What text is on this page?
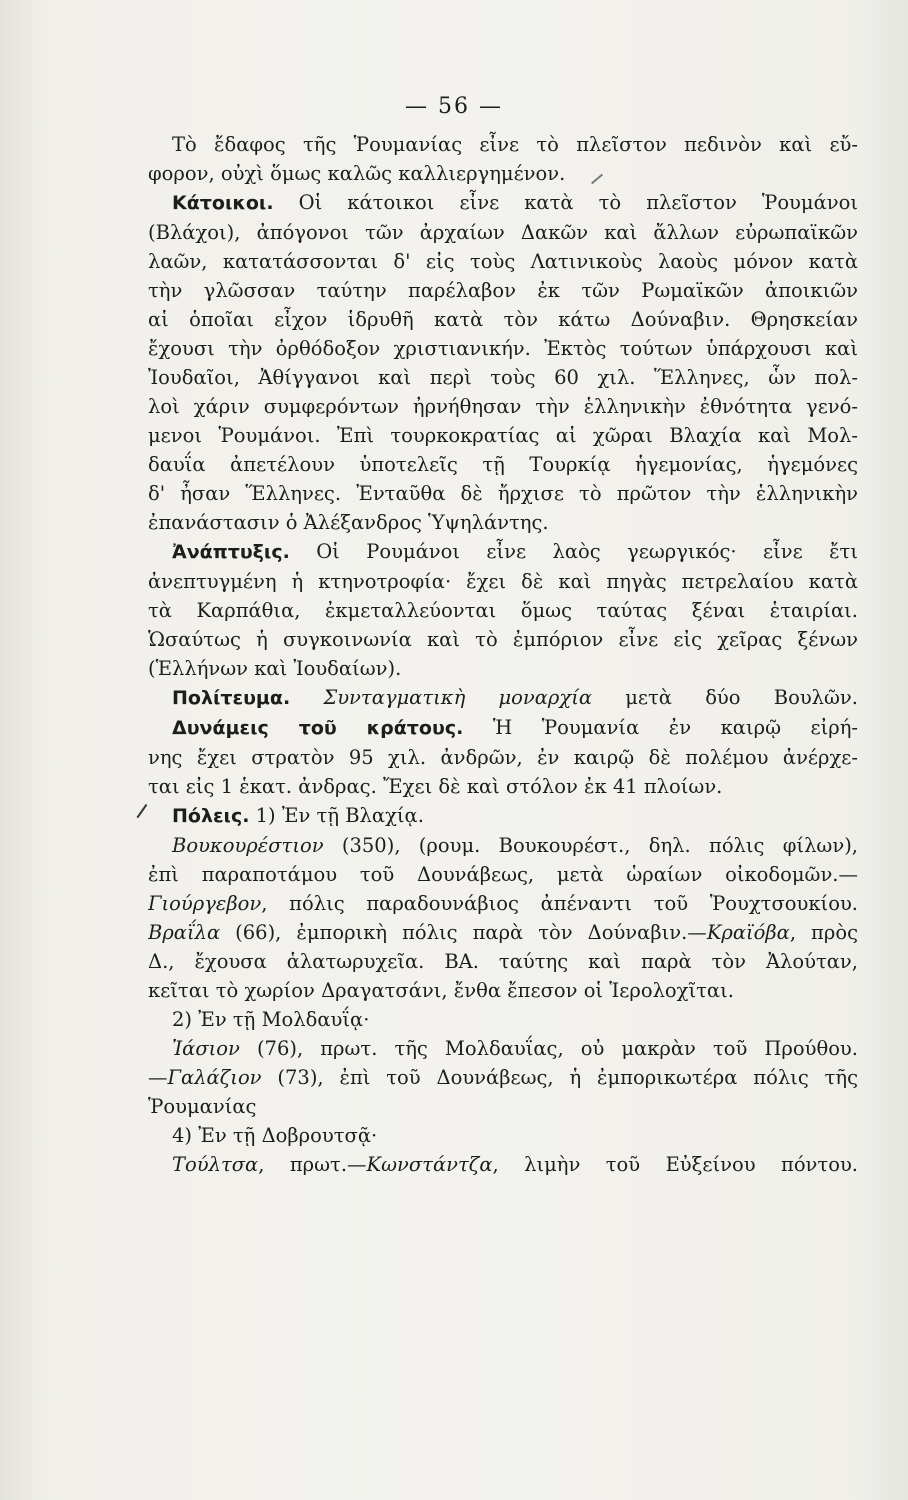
— 56 —
Τὸ ἔδαφος τῆς Ῥουμανίας εἶνε τὸ πλεῖστον πεδινὸν καὶ εὔ-
φορον, οὐχὶ ὅμως καλῶς καλλιεργημένον.
Κάτοικοι. Οἱ κάτοικοι εἶνε κατὰ τὸ πλεῖστον Ῥουμάνοι
(Βλάχοι), ἀπόγονοι τῶν ἀρχαίων Δακῶν καὶ ἄλλων εὐρωπαϊκῶν
λαῶν, κατατάσσονται δ' εἰς τοὺς Λατινικοὺς λαοὺς μόνον κατὰ
τὴν γλῶσσαν ταύτην παρέλαβον ἐκ τῶν Ρωμαϊκῶν ἀποικιῶν
αἱ ὁποῖαι εἶχον ἱδρυθῆ κατὰ τὸν κάτω Δούναβιν. Θρησκείαν
ἔχουσι τὴν ὀρθόδοξον χριστιανικήν. Ἐκτὸς τούτων ὑπάρχουσι καὶ
Ἰουδαῖοι, Ἀθίγγανοι καὶ περὶ τοὺς 60 χιλ. Ἕλληνες, ὧν πολ-
λοὶ χάριν συμφερόντων ἠρνήθησαν τὴν ἑλληνικὴν ἐθνότητα γενό-
μενοι Ῥουμάνοι. Ἐπὶ τουρκοκρατίας αἱ χῶραι Βλαχία καὶ Μολ-
δαυΐα ἀπετέλουν ὑποτελεῖς τῇ Τουρκίᾳ ἡγεμονίας, ἡγεμόνες
δ' ἦσαν Ἕλληνες. Ἐνταῦθα δὲ ἤρχισε τὸ πρῶτον τὴν ἑλληνικὴν
ἐπανάστασιν ὁ Ἀλέξανδρος Ὑψηλάντης.
Ἀνάπτυξις. Οἱ Ρουμάνοι εἶνε λαὸς γεωργικός· εἶνε ἔτι
ἀνεπτυγμένη ἡ κτηνοτροφία· ἔχει δὲ καὶ πηγὰς πετρελαίου κατὰ
τὰ Καρπάθια, ἐκμεταλλεύονται ὅμως ταύτας ξέναι ἑταιρίαι.
Ὡσαύτως ἡ συγκοινωνία καὶ τὸ ἐμπόριον εἶνε εἰς χεῖρας ξένων
(Ἑλλήνων καὶ Ἰουδαίων).
Πολίτευμα. Συνταγματικὴ μοναρχία μετὰ δύο Βουλῶν.
Δυνάμεις τοῦ κράτους. Ἡ Ῥουμανία ἐν καιρῷ εἰρή-
νης ἔχει στρατὸν 95 χιλ. ἀνδρῶν, ἐν καιρῷ δὲ πολέμου ἀνέρχε-
ται εἰς 1 ἑκατ. ἀνδρας. Ἔχει δὲ καὶ στόλον ἐκ 41 πλοίων.
Πόλεις. 1) Ἐν τῇ Βλαχίᾳ.
Βουκουρέστιον (350), (ρουμ. Βουκουρέστ., δηλ. πόλις φίλων),
ἐπὶ παραποτάμου τοῦ Δουνάβεως, μετὰ ὡραίων οἰκοδομῶν.—
Γιούργεβον, πόλις παραδουνάβιος ἀπέναντι τοῦ Ῥουχτσουκίου.
Βραΐλα (66), ἐμπορικὴ πόλις παρὰ τὸν Δούναβιν.—Κραϊόβα, πρὸς
Δ., ἔχουσα ἁλατωρυχεῖα. ΒΑ. ταύτης καὶ παρὰ τὸν Ἀλούταν,
κεῖται τὸ χωρίον Δραγατσάνι, ἔνθα ἔπεσον οἱ Ἱερολοχῖται.
2) Ἐν τῇ Μολδαυΐᾳ·
Ἰάσιον (76), πρωτ. τῆς Μολδαυΐας, οὐ μακρὰν τοῦ Προύθου.
—Γαλάζιον (73), ἐπὶ τοῦ Δουνάβεως, ἡ ἐμπορικωτέρα πόλις τῆς
Ῥουμανίας
4) Ἐν τῇ Δοβρουτσᾷ·
Τούλτσα, πρωτ.—Κωνστάντζα, λιμὴν τοῦ Εὐξείνου πόντου.
